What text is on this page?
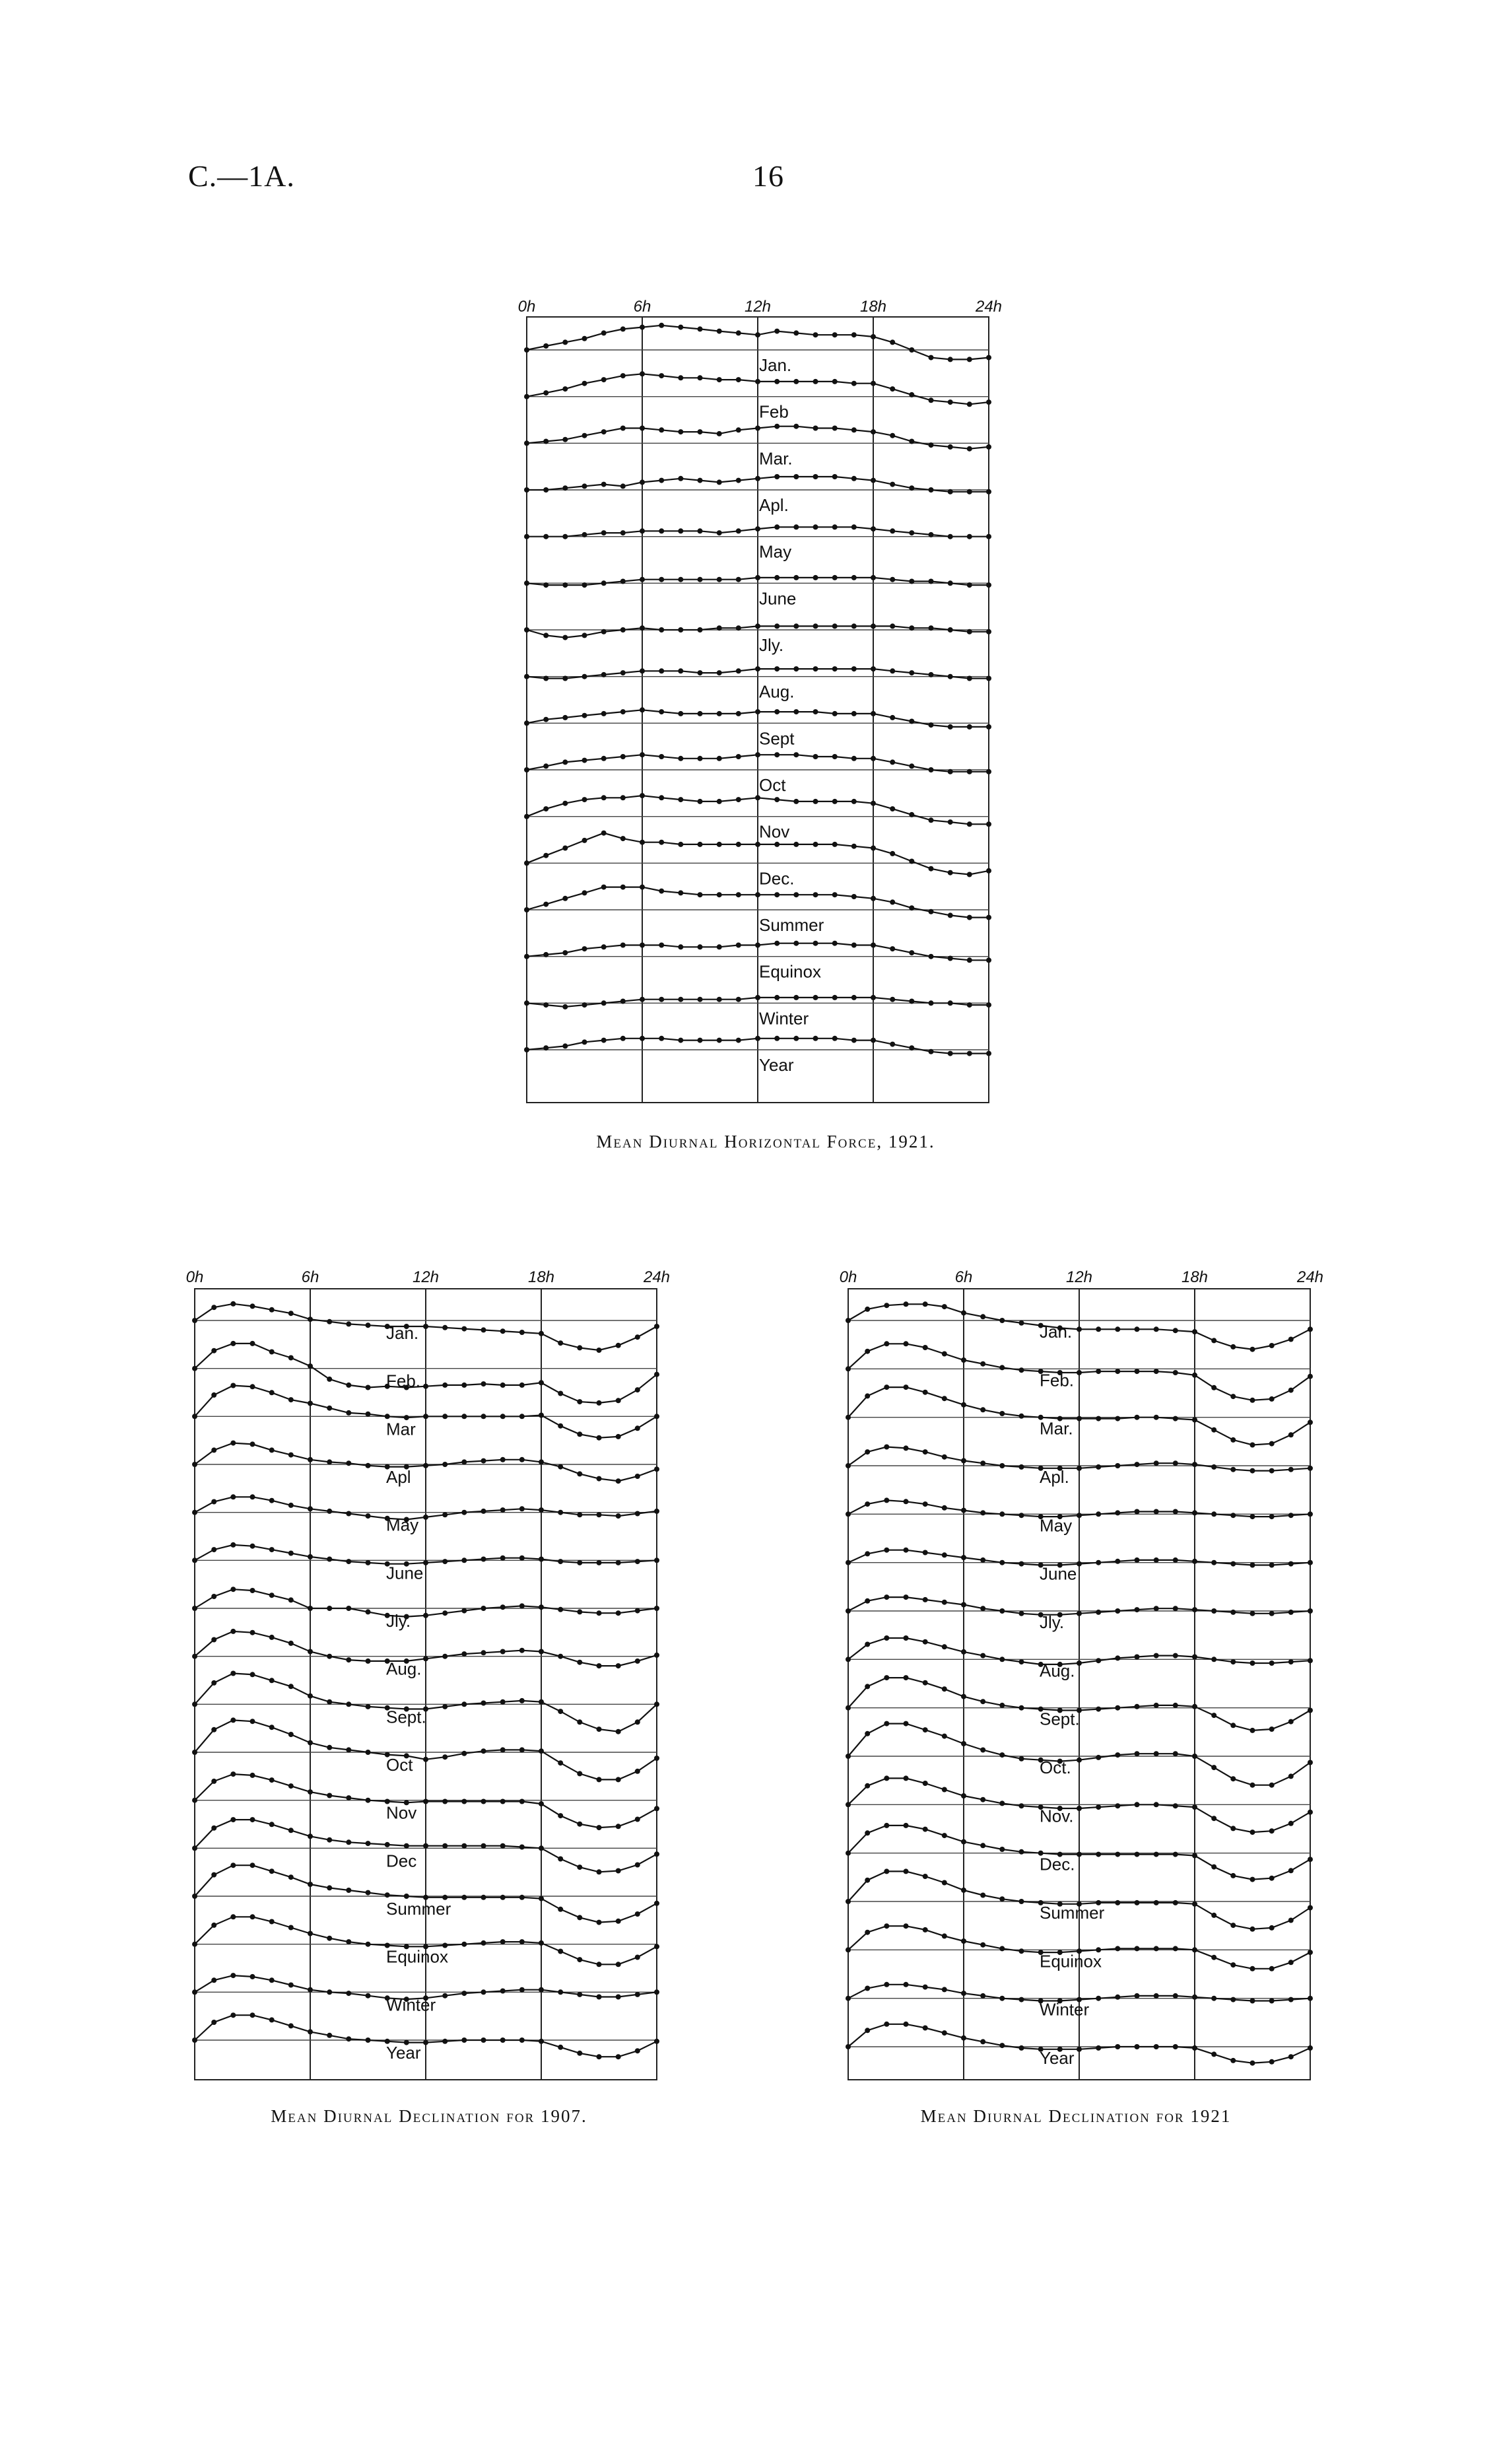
C.—1A.	16
0h	6h	12h	18h	24h
Jan.
Feb
Mar.
Apl.
May
June
Jly.
Aug.
Sept
Oct
Nov
Dec.
Summer
Equinox
Winter
Year
Mean Diurnal Horizontal Force, 1921.
0h	6h	12h	18h	24h
Jan.
Feb.
Mar
Apl
May
June
Jly.
Aug.
Sept.
Oct
Nov
Dec
Summer
Equinox
Winter
Year
Mean Diurnal Declination for 1907.
0h	6h	12h	18h	24h
Jan.
Feb.
Mar.
Apl.
May
June
Jly.
Aug.
Sept.
Oct.
Nov.
Dec.
Summer
Equinox
Winter
Year
Mean Diurnal Declination for 1921
